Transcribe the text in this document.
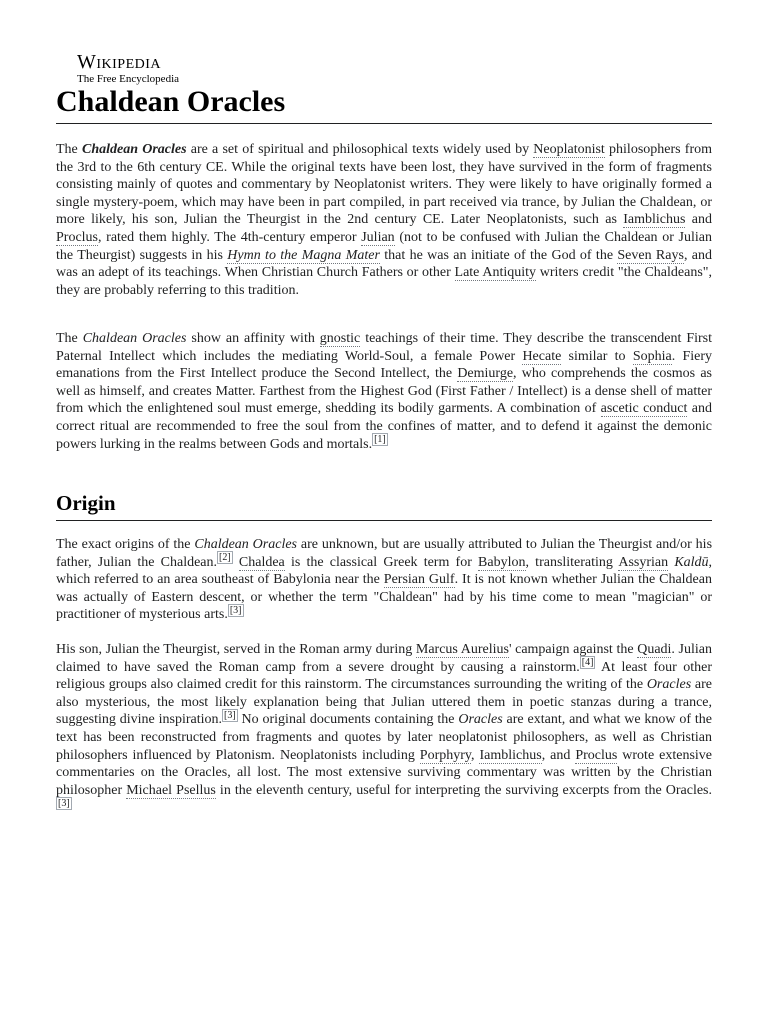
Wikipedia
The Free Encyclopedia
Chaldean Oracles

The Chaldean Oracles are a set of spiritual and philosophical texts widely used by Neoplatonist philosophers from the 3rd to the 6th century CE. While the original texts have been lost, they have survived in the form of fragments consisting mainly of quotes and commentary by Neoplatonist writers. They were likely to have originally formed a single mystery-poem, which may have been in part compiled, in part received via trance, by Julian the Chaldean, or more likely, his son, Julian the Theurgist in the 2nd century CE. Later Neoplatonists, such as Iamblichus and Proclus, rated them highly. The 4th-century emperor Julian (not to be confused with Julian the Chaldean or Julian the Theurgist) suggests in his Hymn to the Magna Mater that he was an initiate of the God of the Seven Rays, and was an adept of its teachings. When Christian Church Fathers or other Late Antiquity writers credit "the Chaldeans", they are probably referring to this tradition.

The Chaldean Oracles show an affinity with gnostic teachings of their time. They describe the transcendent First Paternal Intellect which includes the mediating World-Soul, a female Power Hecate similar to Sophia. Fiery emanations from the First Intellect produce the Second Intellect, the Demiurge, who comprehends the cosmos as well as himself, and creates Matter. Farthest from the Highest God (First Father / Intellect) is a dense shell of matter from which the enlightened soul must emerge, shedding its bodily garments. A combination of ascetic conduct and correct ritual are recommended to free the soul from the confines of matter, and to defend it against the demonic powers lurking in the realms between Gods and mortals. [1]

Origin

The exact origins of the Chaldean Oracles are unknown, but are usually attributed to Julian the Theurgist and/or his father, Julian the Chaldean. [2] Chaldea is the classical Greek term for Babylon, transliterating Assyrian Kaldū, which referred to an area southeast of Babylonia near the Persian Gulf. It is not known whether Julian the Chaldean was actually of Eastern descent, or whether the term "Chaldean" had by his time come to mean "magician" or practitioner of mysterious arts. [3]

His son, Julian the Theurgist, served in the Roman army during Marcus Aurelius' campaign against the Quadi. Julian claimed to have saved the Roman camp from a severe drought by causing a rainstorm. [4] At least four other religious groups also claimed credit for this rainstorm. The circumstances surrounding the writing of the Oracles are also mysterious, the most likely explanation being that Julian uttered them in poetic stanzas during a trance, suggesting divine inspiration. [3] No original documents containing the Oracles are extant, and what we know of the text has been reconstructed from fragments and quotes by later neoplatonist philosophers, as well as Christian philosophers influenced by Platonism. Neoplatonists including Porphyry, Iamblichus, and Proclus wrote extensive commentaries on the Oracles, all lost. The most extensive surviving commentary was written by the Christian philosopher Michael Psellus in the eleventh century, useful for interpreting the surviving excerpts from the Oracles.[3]
